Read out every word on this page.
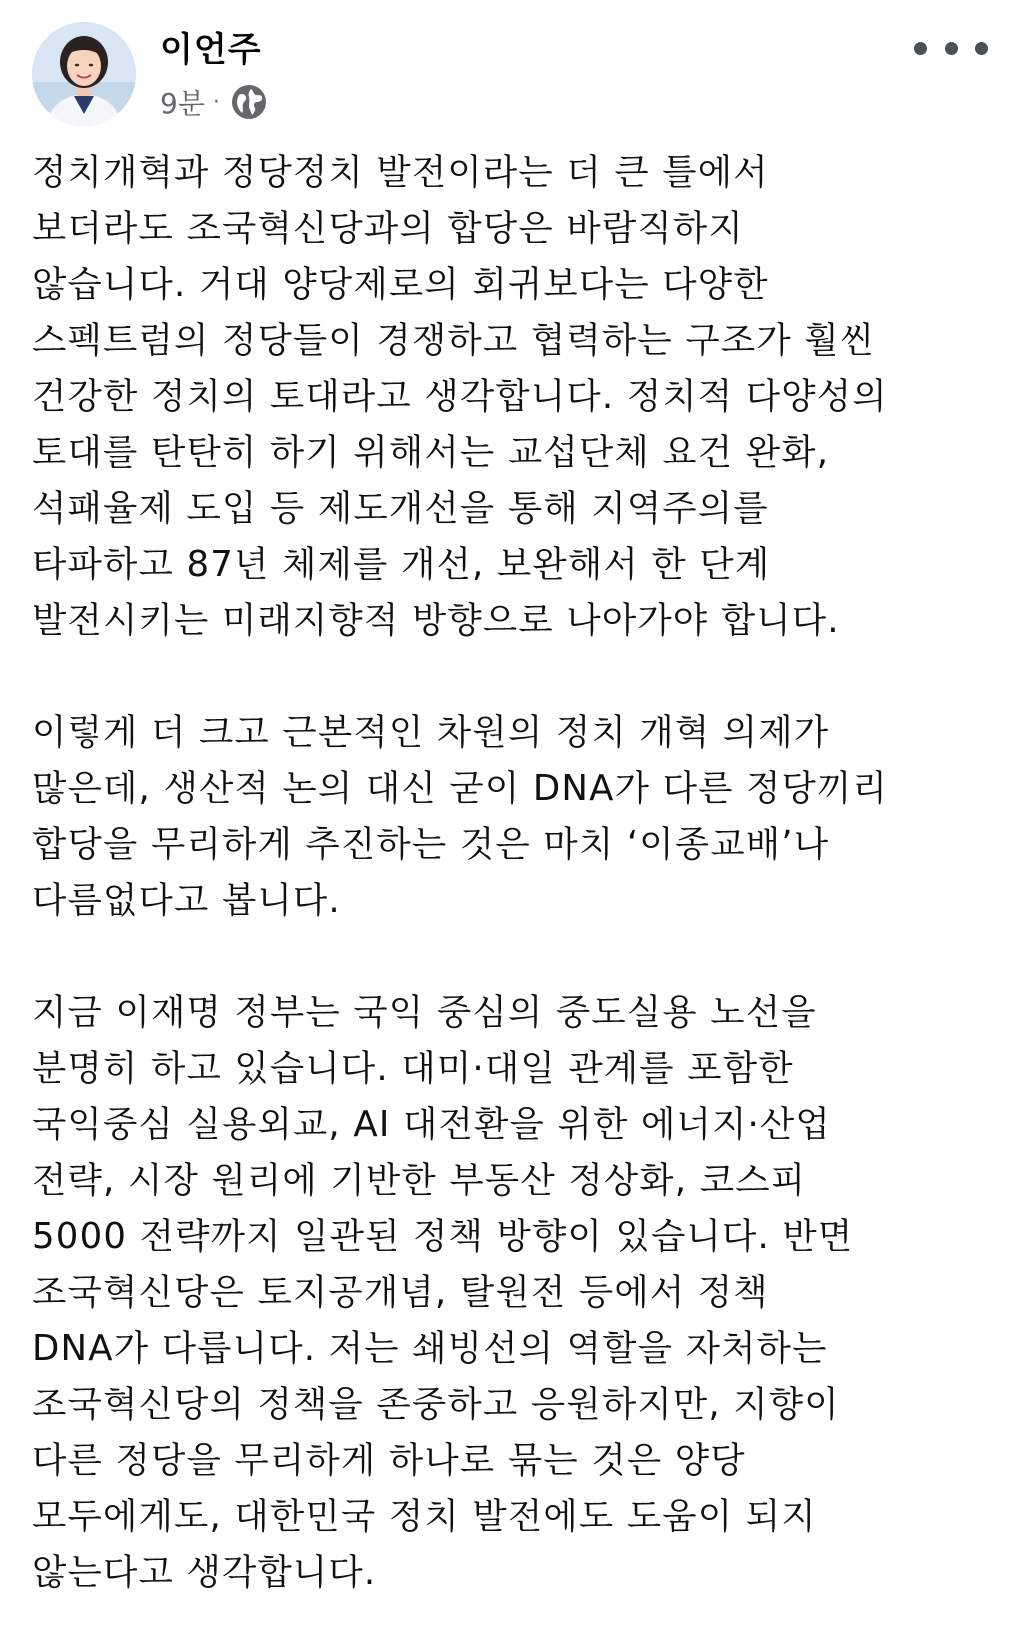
이언주
9분 ·
정치개혁과 정당정치 발전이라는 더 큰 틀에서
보더라도 조국혁신당과의 합당은 바람직하지
않습니다. 거대 양당제로의 회귀보다는 다양한
스펙트럼의 정당들이 경쟁하고 협력하는 구조가 훨씬
건강한 정치의 토대라고 생각합니다. 정치적 다양성의
토대를 탄탄히 하기 위해서는 교섭단체 요건 완화,
석패율제 도입 등 제도개선을 통해 지역주의를
타파하고 87년 체제를 개선, 보완해서 한 단계
발전시키는 미래지향적 방향으로 나아가야 합니다.
이렇게 더 크고 근본적인 차원의 정치 개혁 의제가
많은데, 생산적 논의 대신 굳이 DNA가 다른 정당끼리
합당을 무리하게 추진하는 것은 마치 ‘이종교배’나
다름없다고 봅니다.
지금 이재명 정부는 국익 중심의 중도실용 노선을
분명히 하고 있습니다. 대미·대일 관계를 포함한
국익중심 실용외교, AI 대전환을 위한 에너지·산업
전략, 시장 원리에 기반한 부동산 정상화, 코스피
5000 전략까지 일관된 정책 방향이 있습니다. 반면
조국혁신당은 토지공개념, 탈원전 등에서 정책
DNA가 다릅니다. 저는 쇄빙선의 역할을 자처하는
조국혁신당의 정책을 존중하고 응원하지만, 지향이
다른 정당을 무리하게 하나로 묶는 것은 양당
모두에게도, 대한민국 정치 발전에도 도움이 되지
않는다고 생각합니다.
